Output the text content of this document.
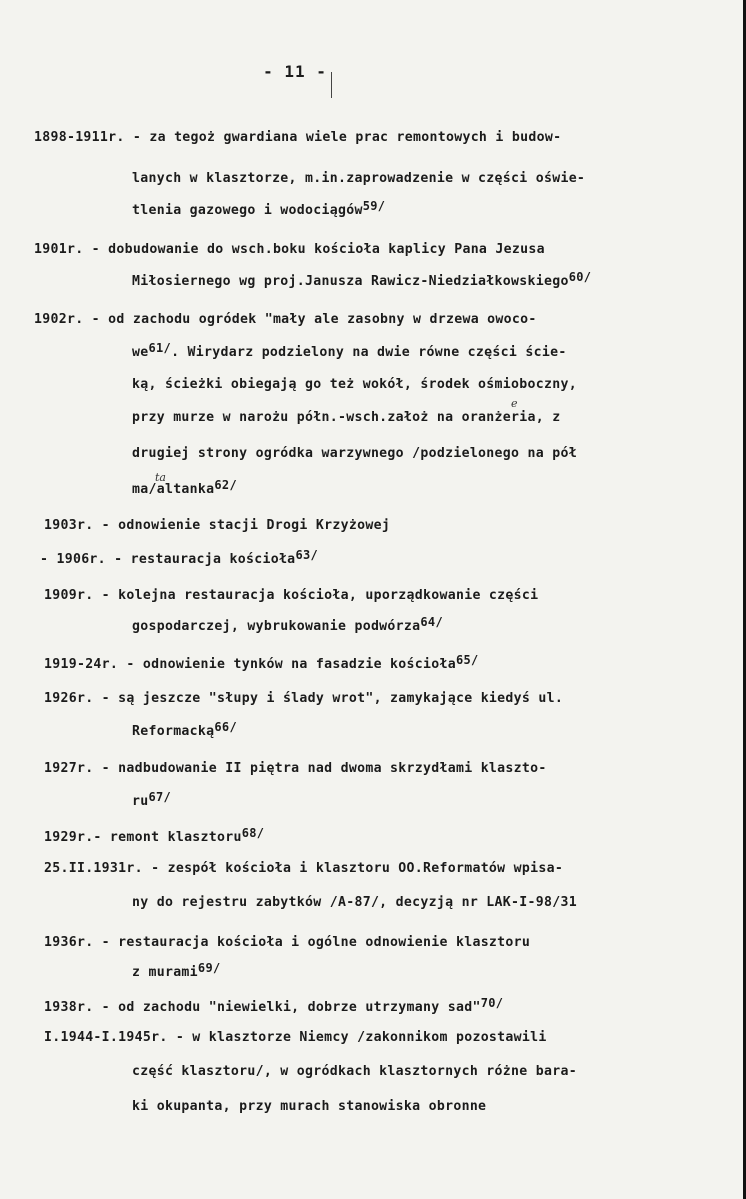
- 11 -
1898-1911r. - za tegoż gwardiana wiele prac remontowych i budow-
lanych w klasztorze, m.in.zaprowadzenie w części oświe-
tlenia gazowego i wodociągów$^{59/}$
1901r. - dobudowanie do wsch.boku kościoła kaplicy Pana Jezusa
Miłosiernego wg proj.Janusza Rawicz-Niedziałkowskiego$^{60/}$
1902r. - od zachodu ogródek "mały ale zasobny w drzewa owoco-
$we^{61/}$. Wirydarz podzielony na dwie równe części ście-
ką, ścieżki obiegają go też wokół, środek ośmioboczny,
przy murze w narożu półn.-wsch.założ na oranżeria, z
drugiej strony ogródka warzywnego /podzielonego na pół
ma/altanka$^{62/}$
1903r. - odnowienie stacji Drogi Krzyżowej
- 1906r. - restauracja kościoła$^{63/}$
1909r. - kolejna restauracja kościoła, uporządkowanie części
gospodarczej, wybrukowanie podwórza$^{64/}$
1919-24r. - odnowienie tynków na fasadzie kościoła$^{65/}$
1926r. - są jeszcze "słupy i ślady wrot", zamykające kiedyś ul.
Reformacką$^{66/}$
1927r. - nadbudowanie II piętra nad dwoma skrzydłami klaszto-
$ru^{67/}$
1929r.- remont klasztoru$^{68/}$
25.II.1931r. - zespół kościoła i klasztoru OO.Reformatów wpisa-
ny do rejestru zabytków /A-87/, decyzją nr LAK-I-98/31
1936r. - restauracja kościoła i ogólne odnowienie klasztoru
z murami$^{69/}$
1938r. - od zachodu "niewielki, dobrze utrzymany sad"$^{70/}$
I.1944-I.1945r. - w klasztorze Niemcy /zakonnikom pozostawili
część klasztoru/, w ogródkach klasztornych różne bara-
ki okupanta, przy murach stanowiska obronne
ta
e
